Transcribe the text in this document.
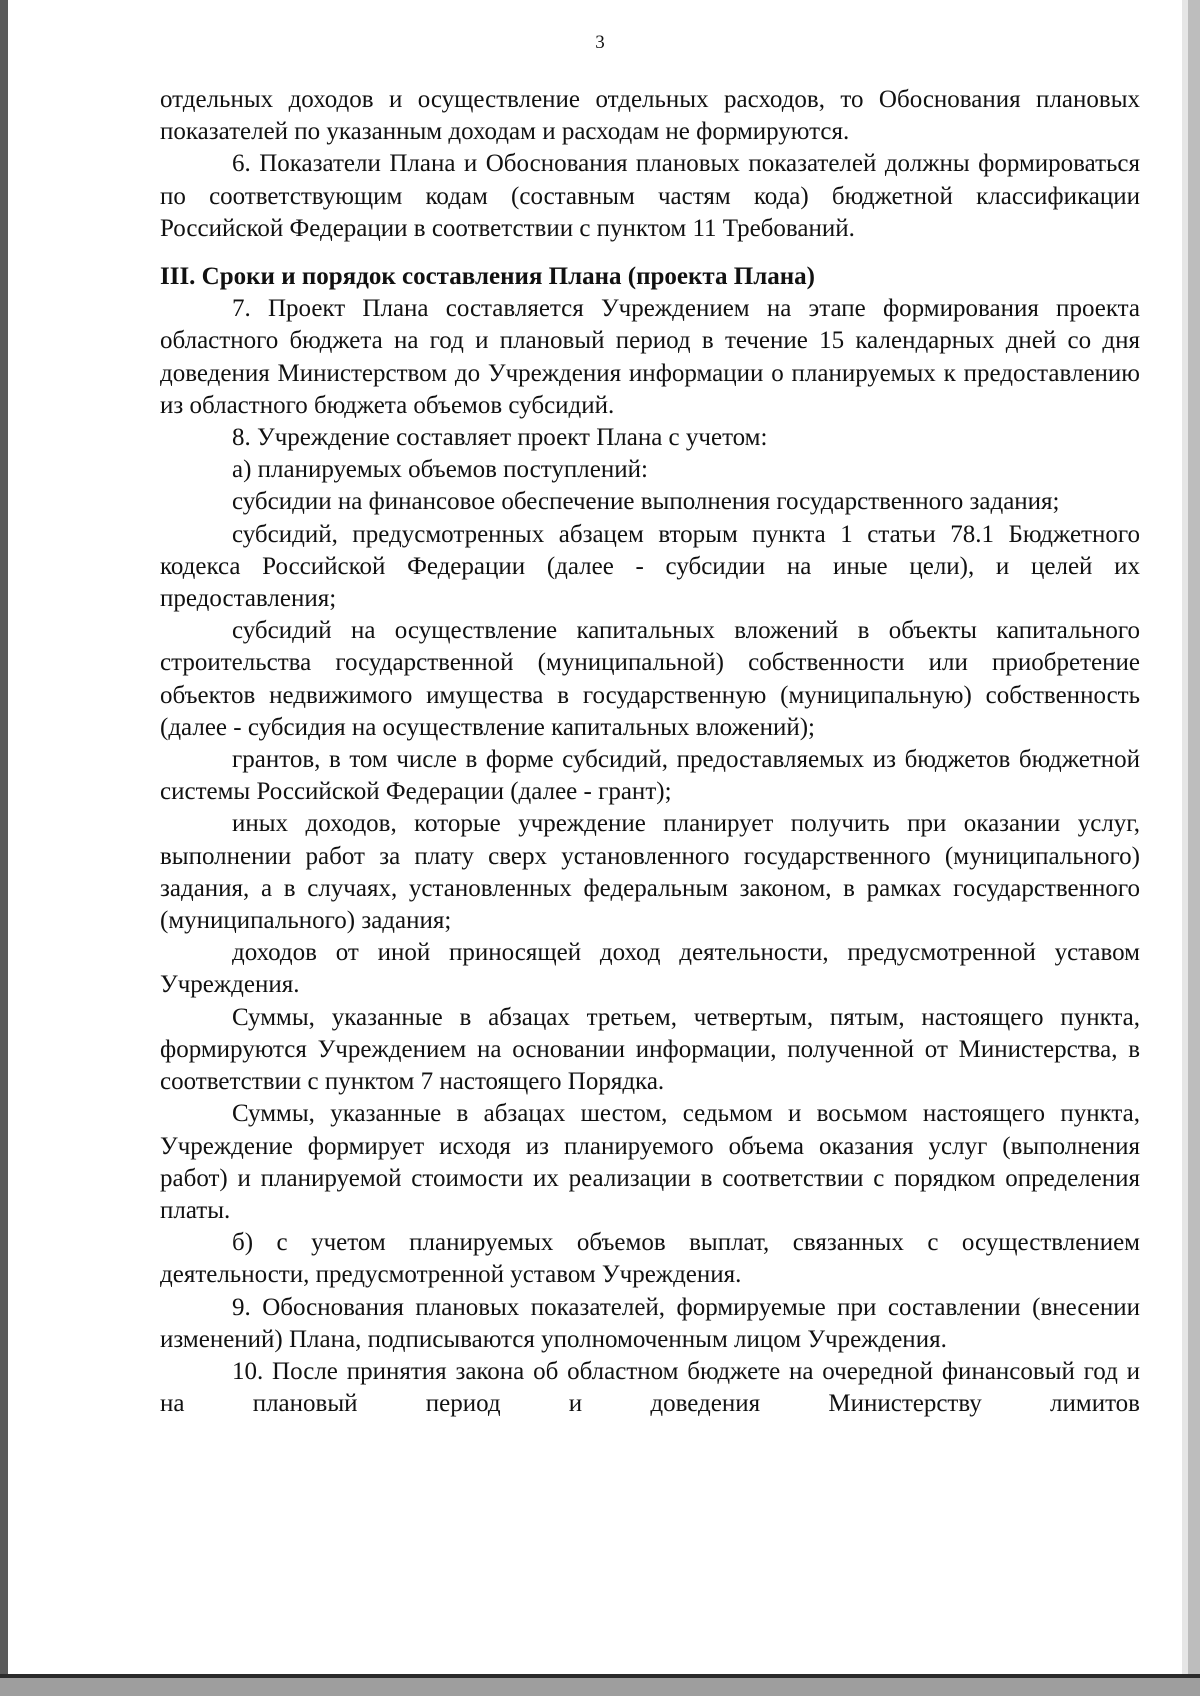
3

отдельных доходов и осуществление отдельных расходов, то Обоснования плановых показателей по указанным доходам и расходам не формируются.

6. Показатели Плана и Обоснования плановых показателей должны формироваться по соответствующим кодам (составным частям кода) бюджетной классификации Российской Федерации в соответствии с пунктом 11 Требований.

III. Сроки и порядок составления Плана (проекта Плана)

7. Проект Плана составляется Учреждением на этапе формирования проекта областного бюджета на год и плановый период в течение 15 календарных дней со дня доведения Министерством до Учреждения информации о планируемых к предоставлению из областного бюджета объемов субсидий.

8. Учреждение составляет проект Плана с учетом:

а) планируемых объемов поступлений:

субсидии на финансовое обеспечение выполнения государственного задания;

субсидий, предусмотренных абзацем вторым пункта 1 статьи 78.1 Бюджетного кодекса Российской Федерации (далее - субсидии на иные цели), и целей их предоставления;

субсидий на осуществление капитальных вложений в объекты капитального строительства государственной (муниципальной) собственности или приобретение объектов недвижимого имущества в государственную (муниципальную) собственность (далее - субсидия на осуществление капитальных вложений);

грантов, в том числе в форме субсидий, предоставляемых из бюджетов бюджетной системы Российской Федерации (далее - грант);

иных доходов, которые учреждение планирует получить при оказании услуг, выполнении работ за плату сверх установленного государственного (муниципального) задания, а в случаях, установленных федеральным законом, в рамках государственного (муниципального) задания;

доходов от иной приносящей доход деятельности, предусмотренной уставом Учреждения.

Суммы, указанные в абзацах третьем, четвертым, пятым, настоящего пункта, формируются Учреждением на основании информации, полученной от Министерства, в соответствии с пунктом 7 настоящего Порядка.

Суммы, указанные в абзацах шестом, седьмом и восьмом настоящего пункта, Учреждение формирует исходя из планируемого объема оказания услуг (выполнения работ) и планируемой стоимости их реализации в соответствии с порядком определения платы.

б) с учетом планируемых объемов выплат, связанных с осуществлением деятельности, предусмотренной уставом Учреждения.

9. Обоснования плановых показателей, формируемые при составлении (внесении изменений) Плана, подписываются уполномоченным лицом Учреждения.

10. После принятия закона об областном бюджете на очередной финансовый год и на плановый период и доведения Министерству лимитов
